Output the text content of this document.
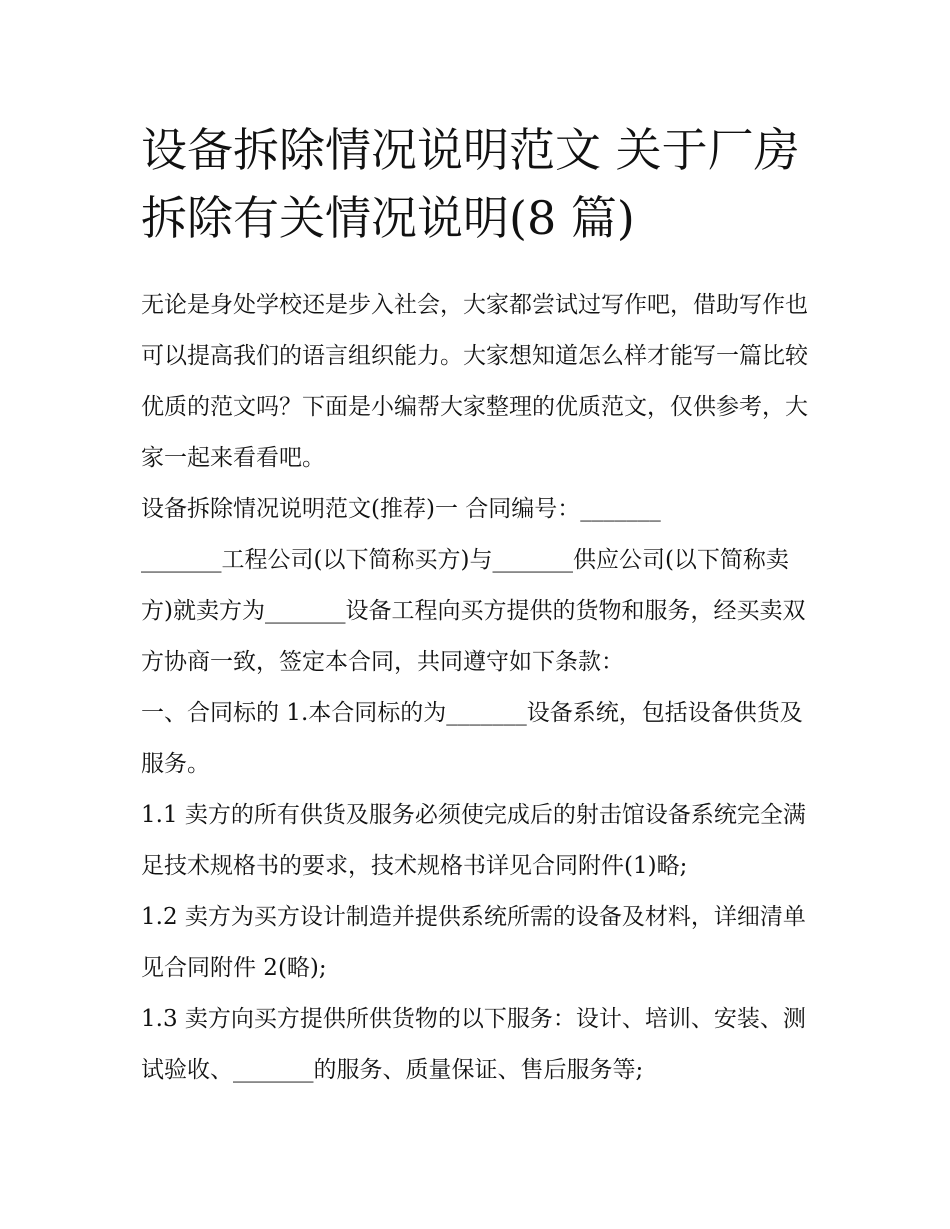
设备拆除情况说明范文 关于厂房拆除有关情况说明(8 篇)

无论是身处学校还是步入社会，大家都尝试过写作吧，借助写作也可以提高我们的语言组织能力。大家想知道怎么样才能写一篇比较优质的范文吗？下面是小编帮大家整理的优质范文，仅供参考，大家一起来看看吧。

设备拆除情况说明范文(推荐)一 合同编号：_______

_______工程公司(以下简称买方)与_______供应公司(以下简称卖方)就卖方为_______设备工程向买方提供的货物和服务，经买卖双方协商一致，签定本合同，共同遵守如下条款：

一、合同标的 1.本合同标的为_______设备系统，包括设备供货及服务。

1.1 卖方的所有供货及服务必须使完成后的射击馆设备系统完全满足技术规格书的要求，技术规格书详见合同附件(1)略;

1.2 卖方为买方设计制造并提供系统所需的设备及材料，详细清单见合同附件 2(略);

1.3 卖方向买方提供所供货物的以下服务：设计、培训、安装、测试验收、_______的服务、质量保证、售后服务等;
